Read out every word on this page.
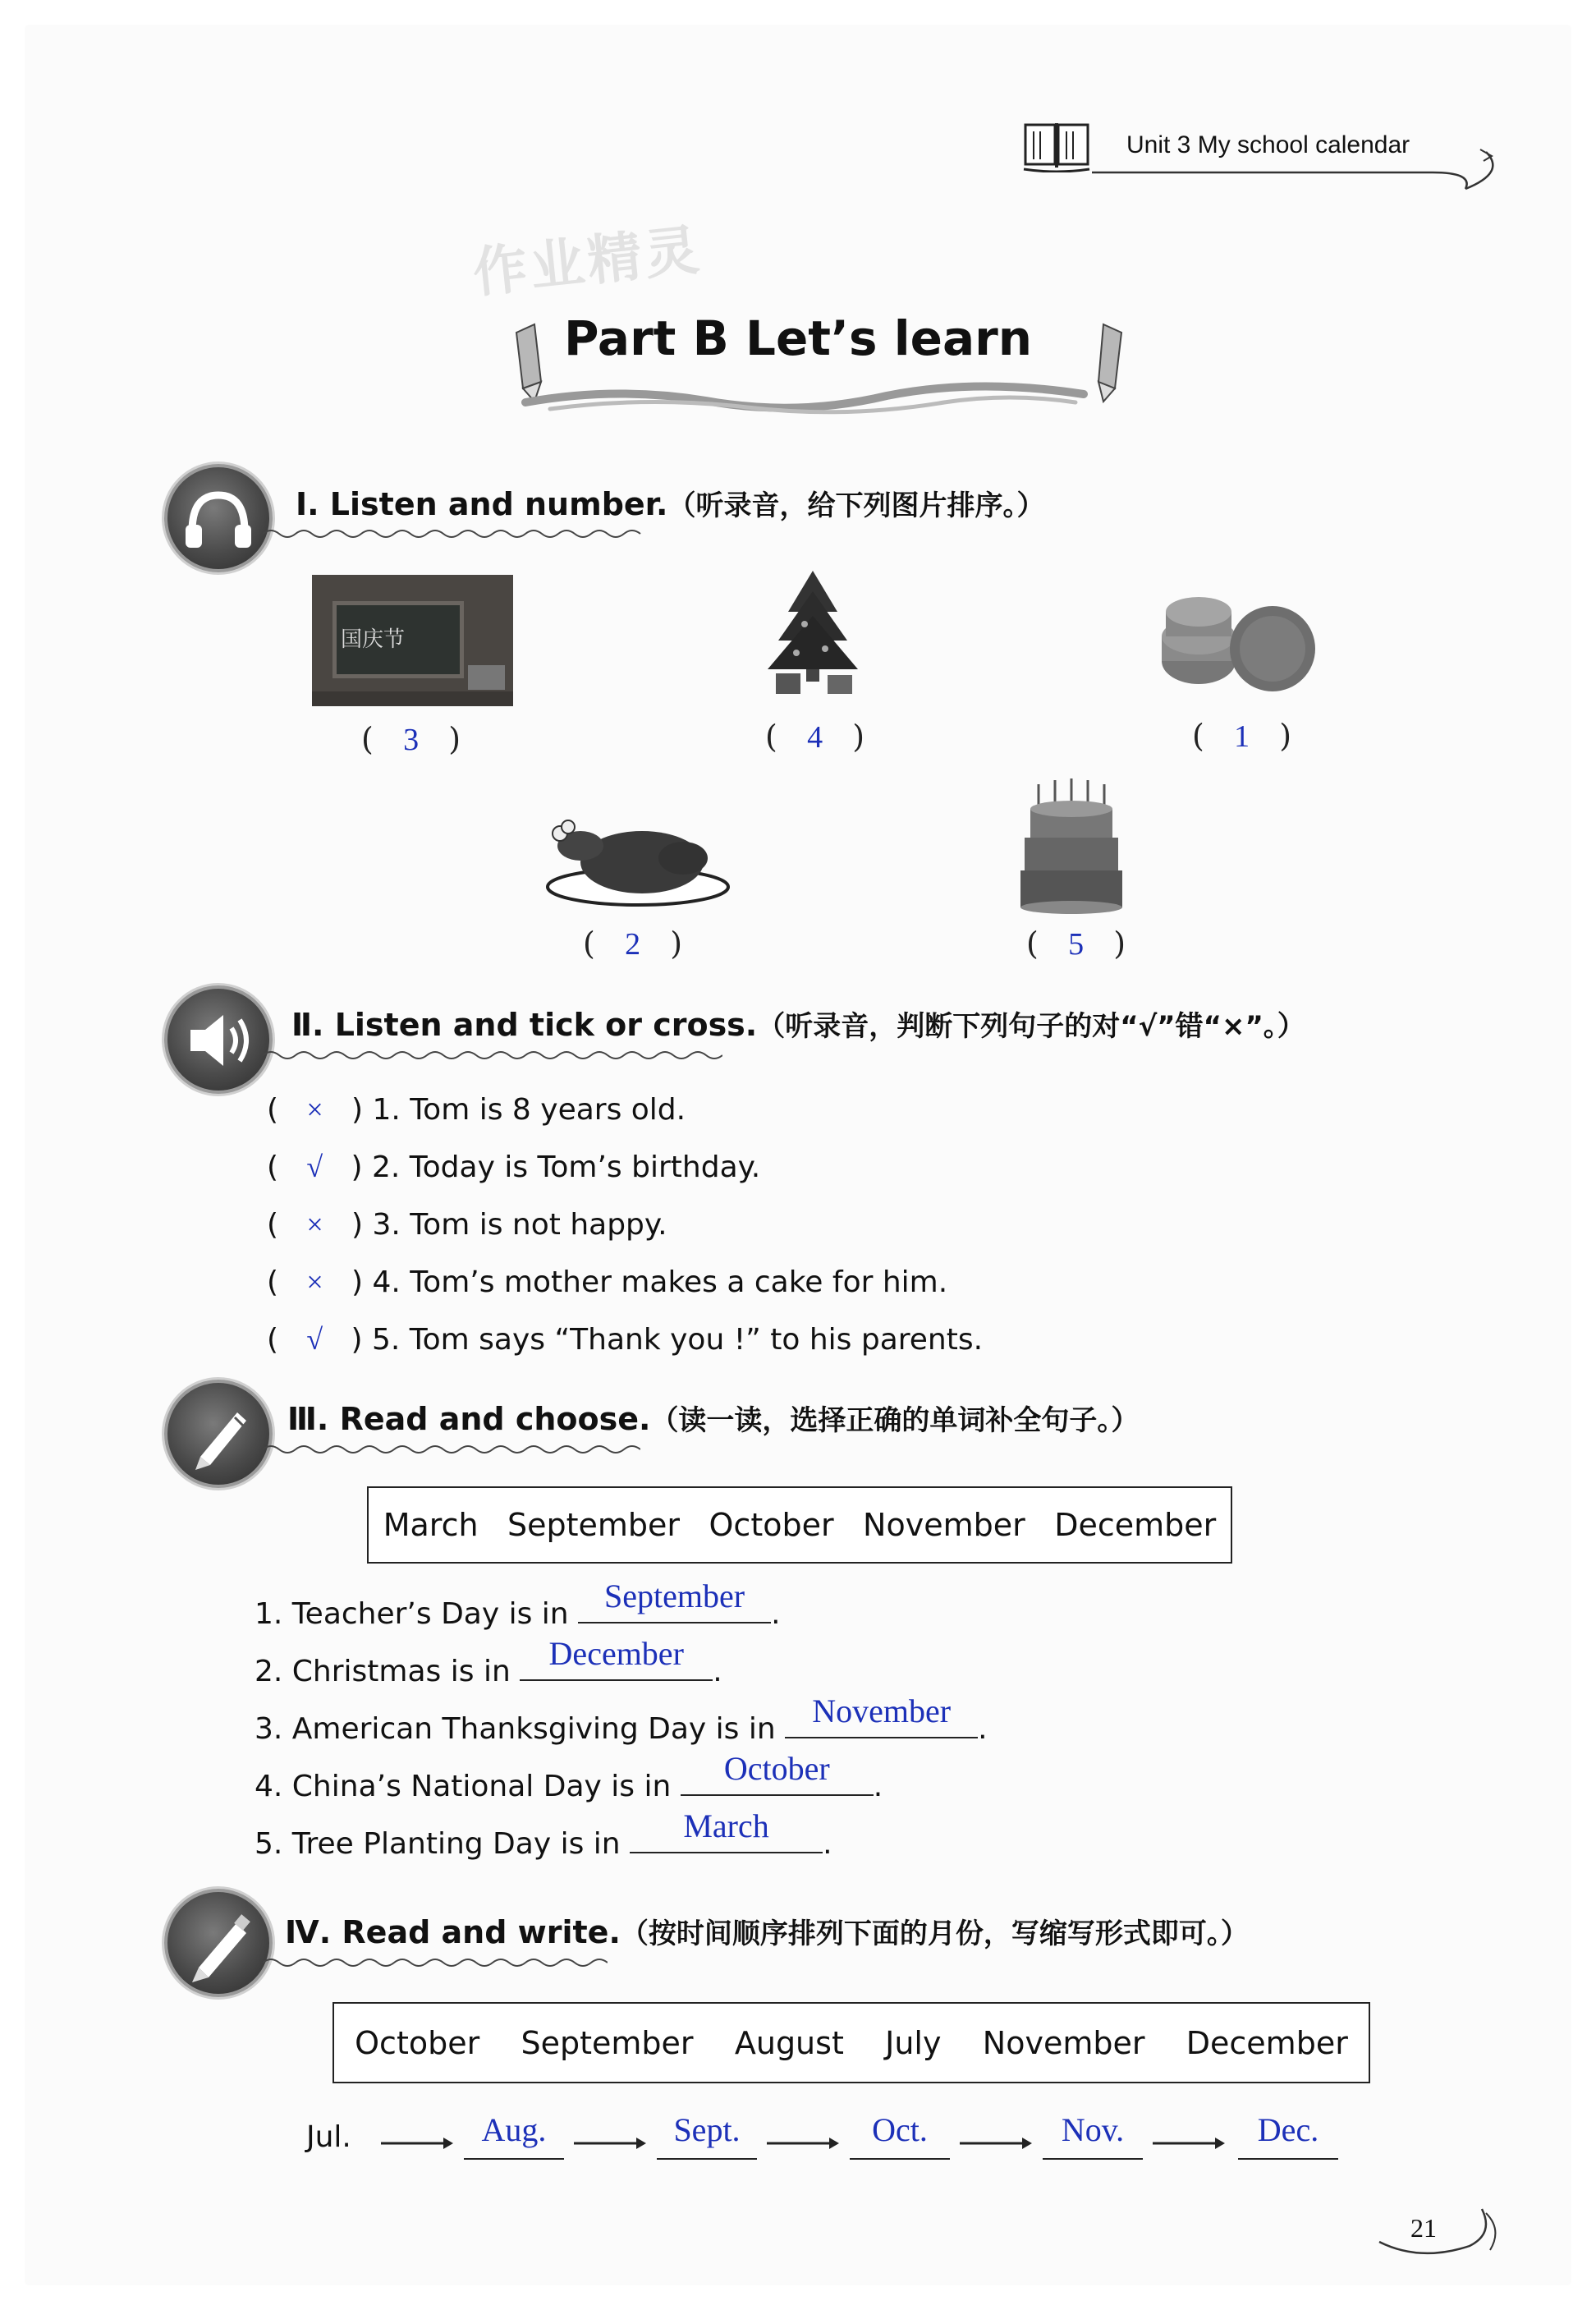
Unit 3 My school calendar
作业精灵
Part B Let’s learn
Ⅰ. Listen and number.（听录音，给下列图片排序。）
国庆节
(   3   )	(   4   )	(   1   )
(   2   )	(   5   )
Ⅱ. Listen and tick or cross.（听录音，判断下列句子的对“√”错“×”。）
(   × ) 1. Tom is 8 years old.
(   √ ) 2. Today is Tom’s birthday.
(   × ) 3. Tom is not happy.
(   × ) 4. Tom’s mother makes a cake for him.
(   √ ) 5. Tom says “Thank you !” to his parents.
Ⅲ. Read and choose.（读一读，选择正确的单词补全句子。）
March September October November December
1. Teacher’s Day is in	September .
2. Christmas is in	December .
3. American Thanksgiving Day is in	November .
4. China’s National Day is in	October	.
5. Tree Planting Day is in	March	.
Ⅳ. Read and write.（按时间顺序排列下面的月份，写缩写形式即可。）
October September August July November December
Jul.	Aug.	Sept.	Oct.	Nov.	Dec.
21
